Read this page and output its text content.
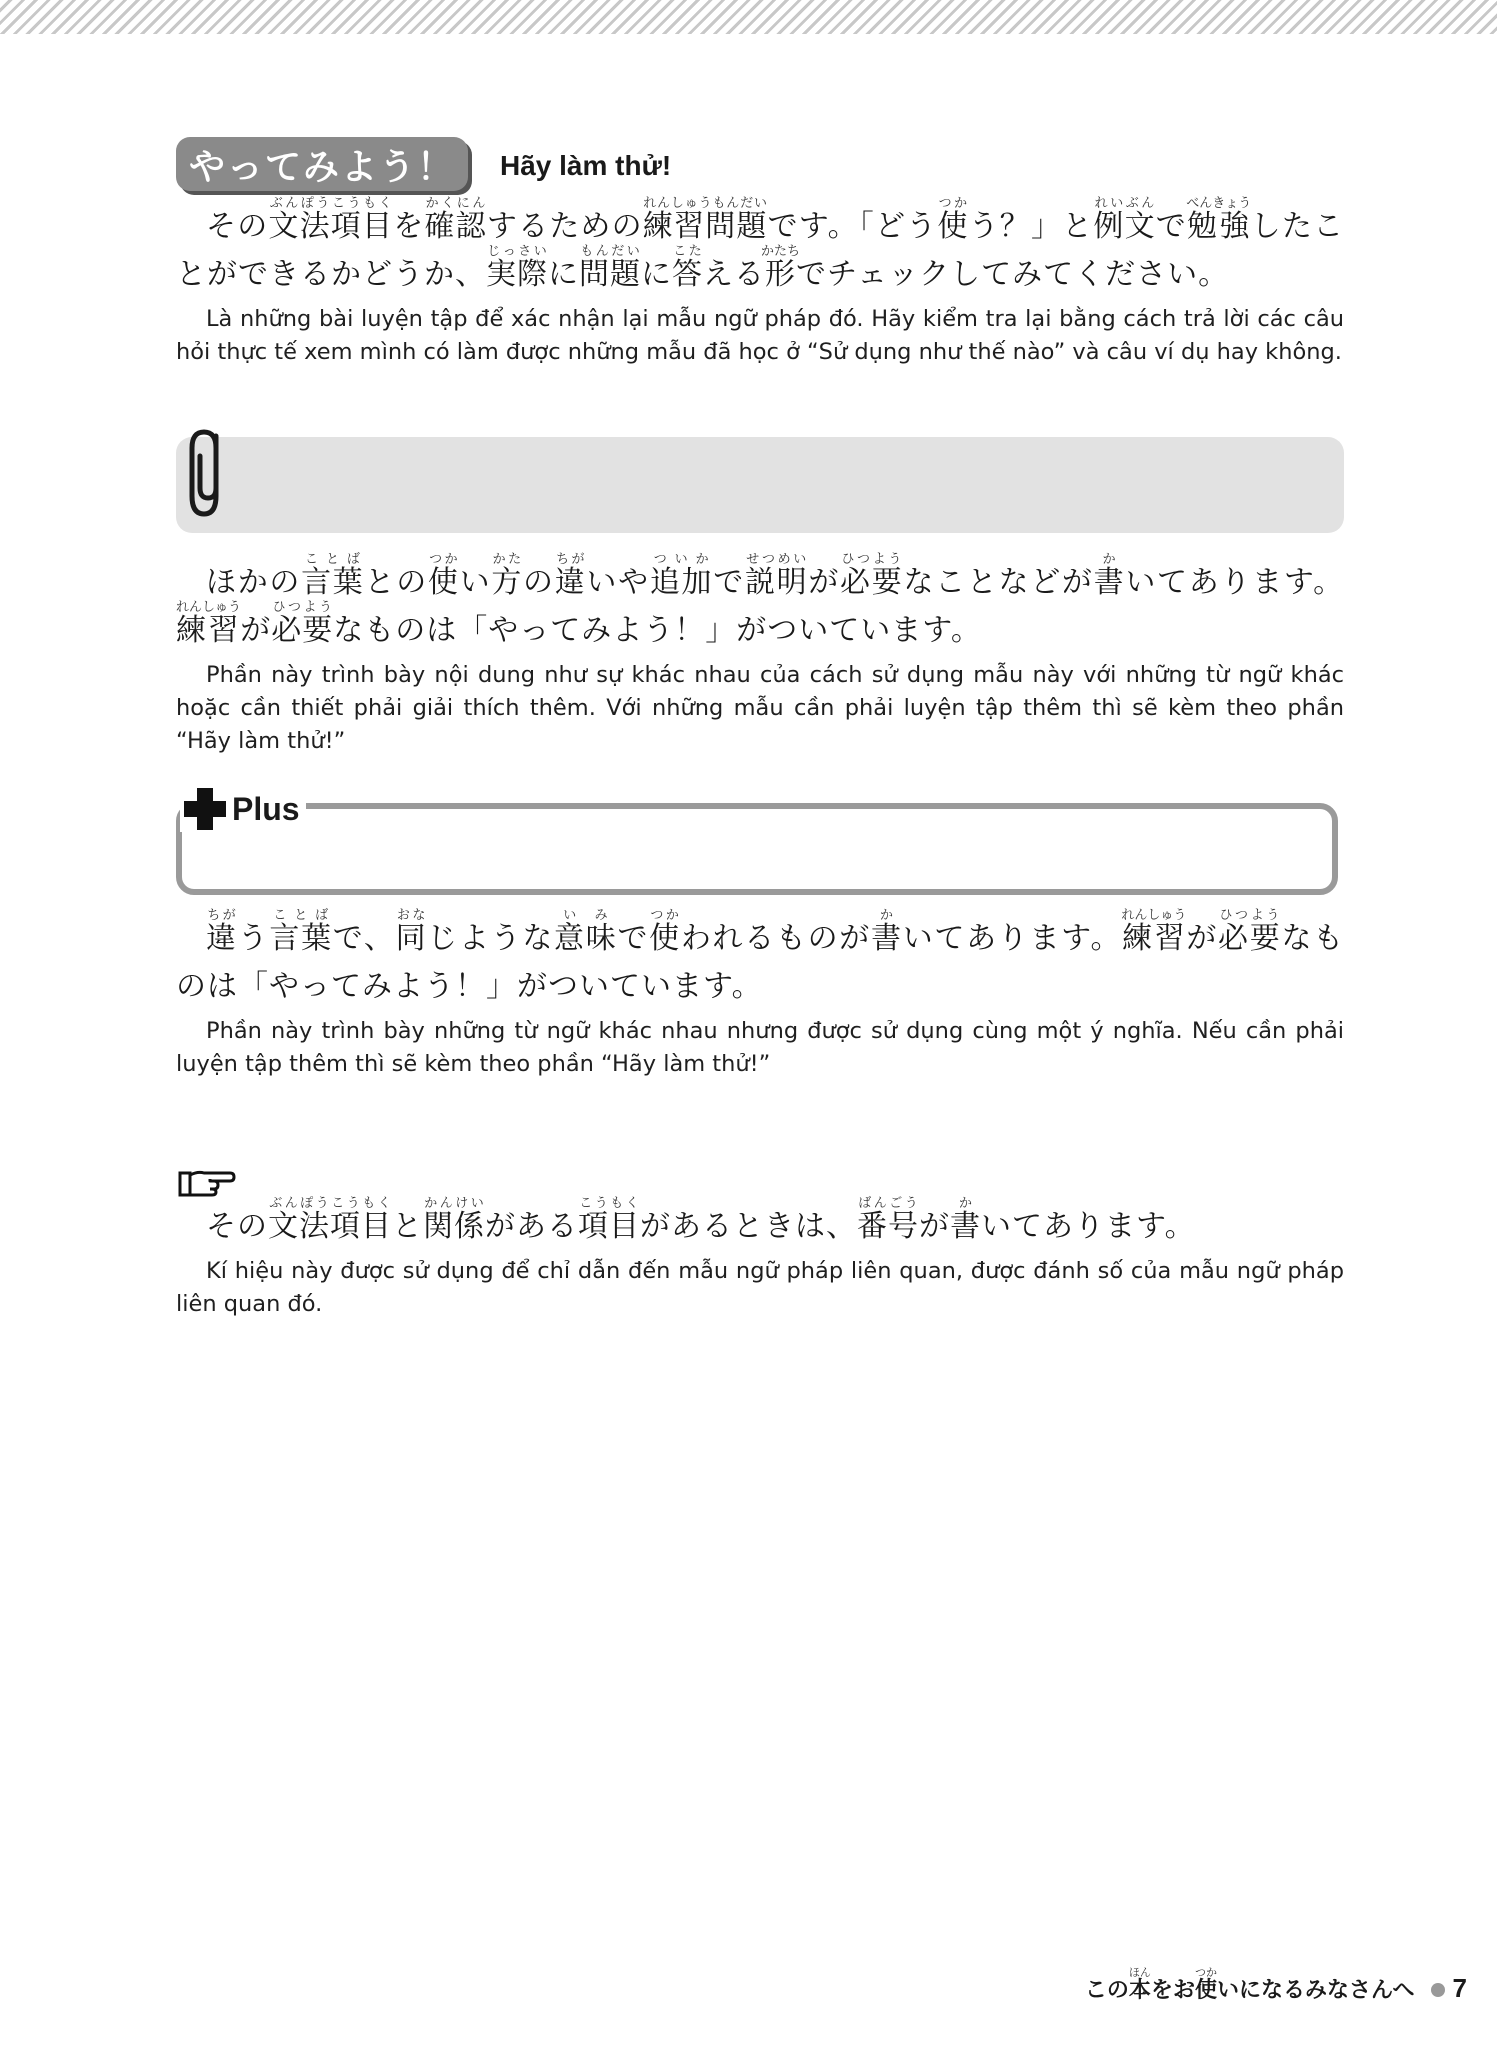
やってみよう！ Hãy làm thử!

その文法項目ぶんぽうこうもくを確認かくにんするための練習問題れんしゅうもんだいです。「どう使つかう？」と例文れいぶんで勉強べんきょうしたことができるかどうか、実際じっさいに問題もんだいに答こたえる形かたちでチェックしてみてください。

Là những bài luyện tập để xác nhận lại mẫu ngữ pháp đó. Hãy kiểm tra lại bằng cách trả lời các câu hỏi thực tế xem mình có làm được những mẫu đã học ở “Sử dụng như thế nào” và câu ví dụ hay không.

ほかの言葉ことばとの使つかい方かたの違ちがいや追加ついかで説明せつめいが必要ひつようなことなどが書かいてあります。練習れんしゅうが必要ひつようなものは「やってみよう！」がついています。

Phần này trình bày nội dung như sự khác nhau của cách sử dụng mẫu này với những từ ngữ khác hoặc cần thiết phải giải thích thêm. Với những mẫu cần phải luyện tập thêm thì sẽ kèm theo phần “Hãy làm thử!”

Plus

違ちがう言葉ことばで、同おなじような意味いみで使つかわれるものが書かいてあります。練習れんしゅうが必要ひつようなものは「やってみよう！」がついています。

Phần này trình bày những từ ngữ khác nhau nhưng được sử dụng cùng một ý nghĩa. Nếu cần phải luyện tập thêm thì sẽ kèm theo phần “Hãy làm thử!”

その文法項目ぶんぽうこうもくと関係かんけいがある項目こうもくがあるときは、番号ばんごうが書かいてあります。

Kí hiệu này được sử dụng để chỉ dẫn đến mẫu ngữ pháp liên quan, được đánh số của mẫu ngữ pháp liên quan đó.

この本ほんをお使つかいになるみなさんへ 7
